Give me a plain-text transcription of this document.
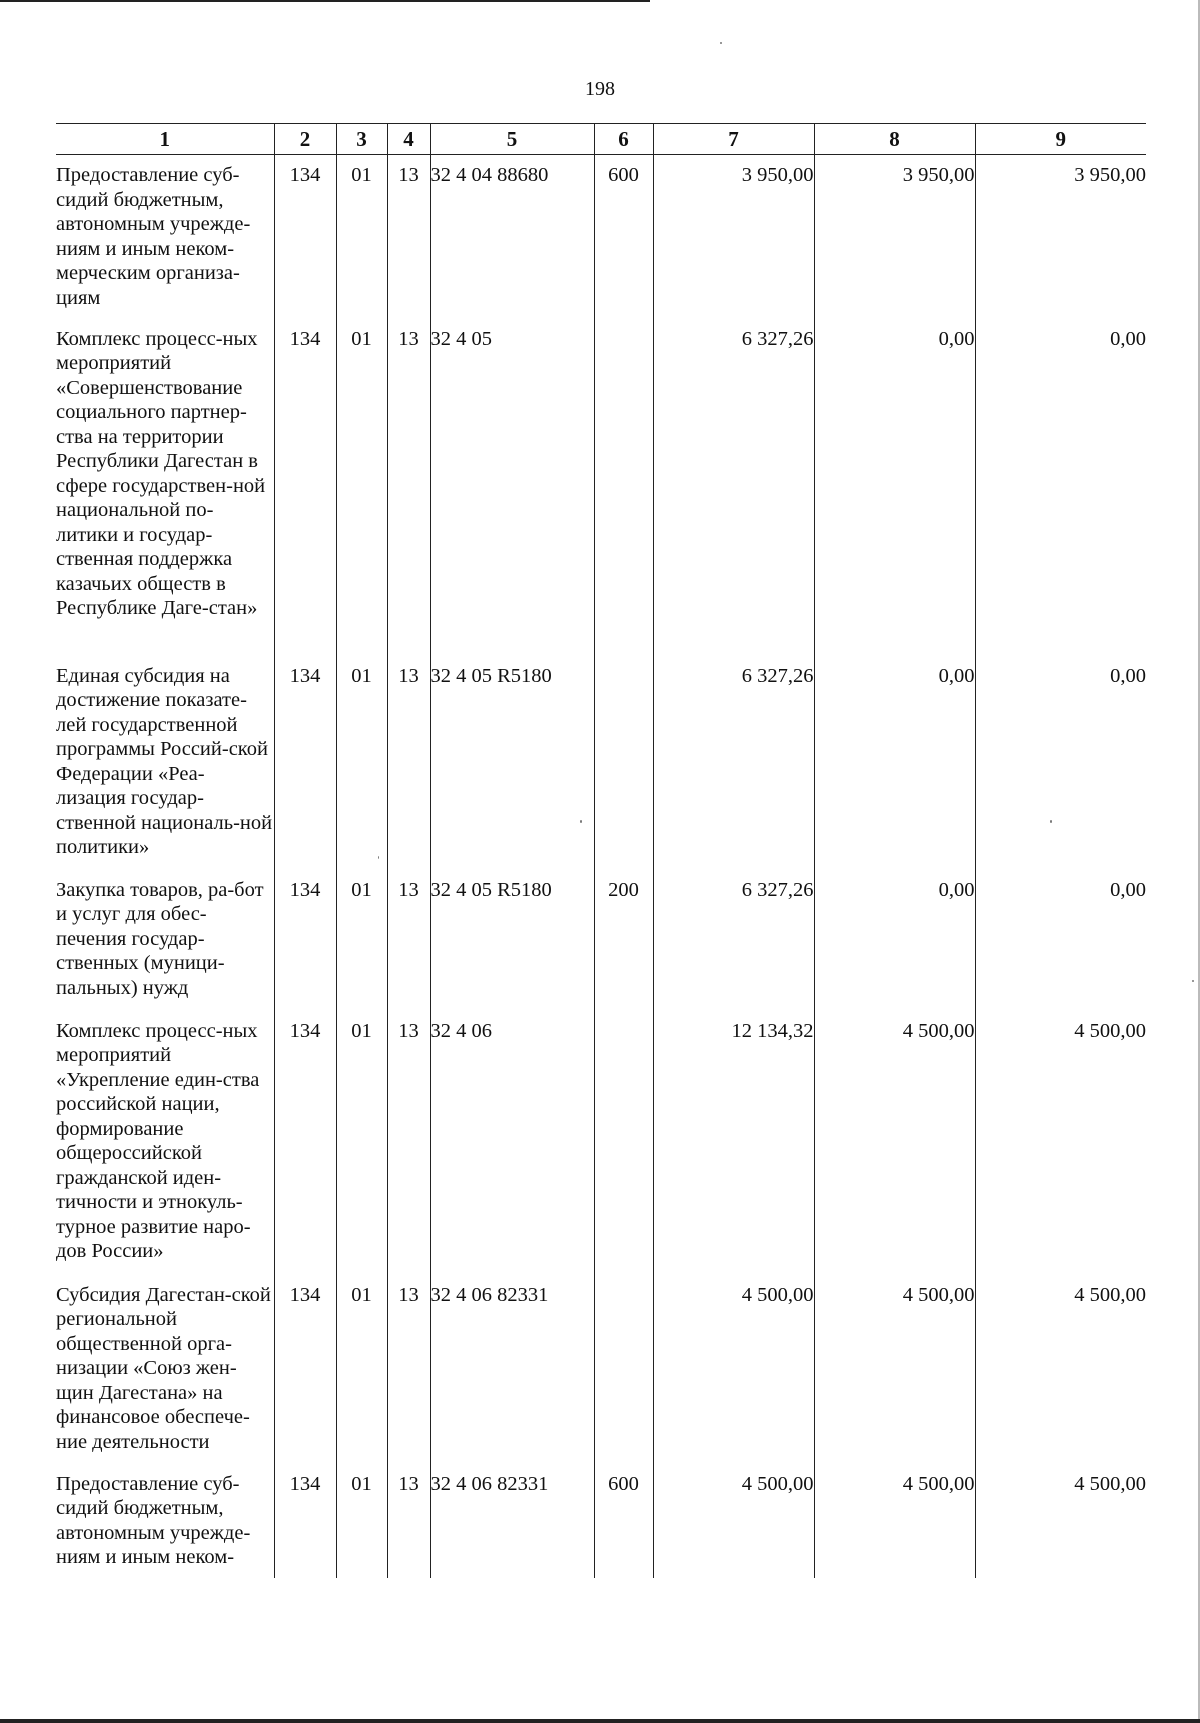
198
1	2	3	4	5	6	7	8	9
Предоставление суб-сидий бюджетным, автономным учрежде-ниям и иным неком-мерческим организа-циям	134	01	13	32 4 04 88680	600	3 950,00	3 950,00	3 950,00
Комплекс процесс-ных мероприятий «Совершенствование социального партнер-ства на территории Республики Дагестан в сфере государствен-ной национальной по-литики и государ-ственная поддержка казачьих обществ в Республике Даге-стан»	134	01	13	32 4 05		6 327,26	0,00	0,00
Единая субсидия на достижение показате-лей государственной программы Россий-ской Федерации «Реа-лизация государ-ственной националь-ной политики»	134	01	13	32 4 05 R5180		6 327,26	0,00	0,00
Закупка товаров, ра-бот и услуг для обес-печения государ-ственных (муници-пальных) нужд	134	01	13	32 4 05 R5180	200	6 327,26	0,00	0,00
Комплекс процесс-ных мероприятий «Укрепление един-ства российской нации, формирование общероссийской гражданской иден-тичности и этнокуль-турное развитие наро-дов России»	134	01	13	32 4 06		12 134,32	4 500,00	4 500,00
Субсидия Дагестан-ской региональной общественной орга-низации «Союз жен-щин Дагестана» на финансовое обеспече-ние деятельности	134	01	13	32 4 06 82331		4 500,00	4 500,00	4 500,00

Предоставление суб-сидий бюджетным, автономным учрежде-ниям и иным неком-	134	01	13	32 4 06 82331	600	4 500,00	4 500,00	4 500,00
